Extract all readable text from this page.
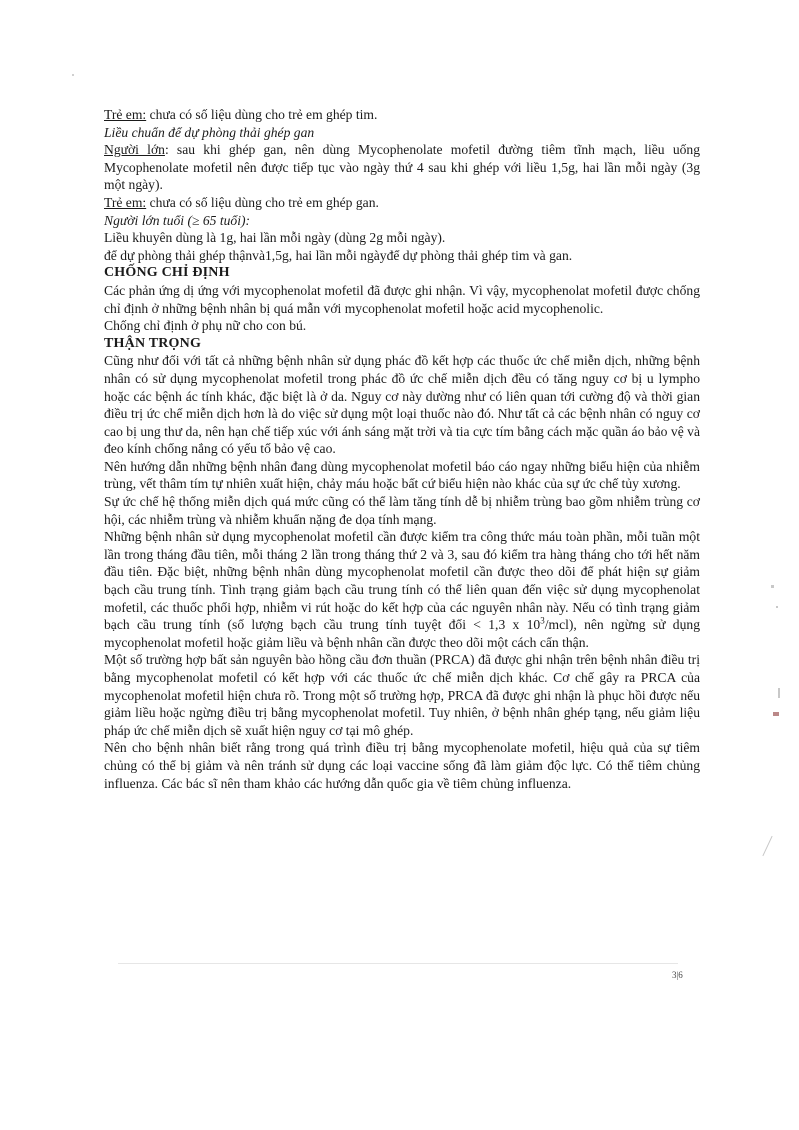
Trẻ em: chưa có số liệu dùng cho trẻ em ghép tim.

Liều chuẩn để dự phòng thải ghép gan

Người lớn: sau khi ghép gan, nên dùng Mycophenolate mofetil đường tiêm tĩnh mạch, liều uống Mycophenolate mofetil nên được tiếp tục vào ngày thứ 4 sau khi ghép với liều 1,5g, hai lần mỗi ngày (3g một ngày).

Trẻ em: chưa có số liệu dùng cho trẻ em ghép gan.

Người lớn tuổi (≥ 65 tuổi):

Liều khuyên dùng là 1g, hai lần mỗi ngày (dùng 2g mỗi ngày).

để dự phòng thải ghép thậnvà1,5g, hai lần mỗi ngàyđể dự phòng thải ghép tim và gan.

CHỐNG CHỈ ĐỊNH

Các phản ứng dị ứng với mycophenolat mofetil đã được ghi nhận. Vì vậy, mycophenolat mofetil được chống chỉ định ở những bệnh nhân bị quá mẫn với mycophenolat mofetil hoặc acid mycophenolic.

Chống chỉ định ở phụ nữ cho con bú.

THẬN TRỌNG

Cũng như đối với tất cả những bệnh nhân sử dụng phác đồ kết hợp các thuốc ức chế miễn dịch, những bệnh nhân có sử dụng mycophenolat mofetil trong phác đồ ức chế miễn dịch đều có tăng nguy cơ bị u lympho hoặc các bệnh ác tính khác, đặc biệt là ở da. Nguy cơ này dường như có liên quan tới cường độ và thời gian điều trị ức chế miễn dịch hơn là do việc sử dụng một loại thuốc nào đó. Như tất cả các bệnh nhân có nguy cơ cao bị ung thư da, nên hạn chế tiếp xúc với ánh sáng mặt trời và tia cực tím bằng cách mặc quần áo bảo vệ và đeo kính chống nắng có yếu tố bảo vệ cao.

Nên hướng dẫn những bệnh nhân đang dùng mycophenolat mofetil báo cáo ngay những biểu hiện của nhiễm trùng, vết thâm tím tự nhiên xuất hiện, chảy máu hoặc bất cứ biểu hiện nào khác của sự ức chế tủy xương.

Sự ức chế hệ thống miễn dịch quá mức cũng có thể làm tăng tính dễ bị nhiễm trùng bao gồm nhiễm trùng cơ hội, các nhiễm trùng và nhiễm khuẩn nặng đe dọa tính mạng.

Những bệnh nhân sử dụng mycophenolat mofetil cần được kiểm tra công thức máu toàn phần, mỗi tuần một lần trong tháng đầu tiên, mỗi tháng 2 lần trong tháng thứ 2 và 3, sau đó kiểm tra hàng tháng cho tới hết năm đầu tiên. Đặc biệt, những bệnh nhân dùng mycophenolat mofetil cần được theo dõi để phát hiện sự giảm bạch cầu trung tính. Tình trạng giảm bạch cầu trung tính có thể liên quan đến việc sử dụng mycophenolat mofetil, các thuốc phối hợp, nhiễm vi rút hoặc do kết hợp của các nguyên nhân này. Nếu có tình trạng giảm bạch cầu trung tính (số lượng bạch cầu trung tính tuyệt đối < 1,3 x $10^3/mcl$), nên ngừng sử dụng mycophenolat mofetil hoặc giảm liều và bệnh nhân cần được theo dõi một cách cẩn thận.

Một số trường hợp bất sản nguyên bào hồng cầu đơn thuần (PRCA) đã được ghi nhận trên bệnh nhân điều trị bằng mycophenolat mofetil có kết hợp với các thuốc ức chế miễn dịch khác. Cơ chế gây ra PRCA của mycophenolat mofetil hiện chưa rõ. Trong một số trường hợp, PRCA đã được ghi nhận là phục hồi được nếu giảm liều hoặc ngừng điều trị bằng mycophenolat mofetil. Tuy nhiên, ở bệnh nhân ghép tạng, nếu giảm liệu pháp ức chế miễn dịch sẽ xuất hiện nguy cơ tại mô ghép.

Nên cho bệnh nhân biết rằng trong quá trình điều trị bằng mycophenolate mofetil, hiệu quả của sự tiêm chủng có thể bị giảm và nên tránh sử dụng các loại vaccine sống đã làm giảm độc lực. Có thể tiêm chủng influenza. Các bác sĩ nên tham khảo các hướng dẫn quốc gia về tiêm chủng influenza.

3|6
